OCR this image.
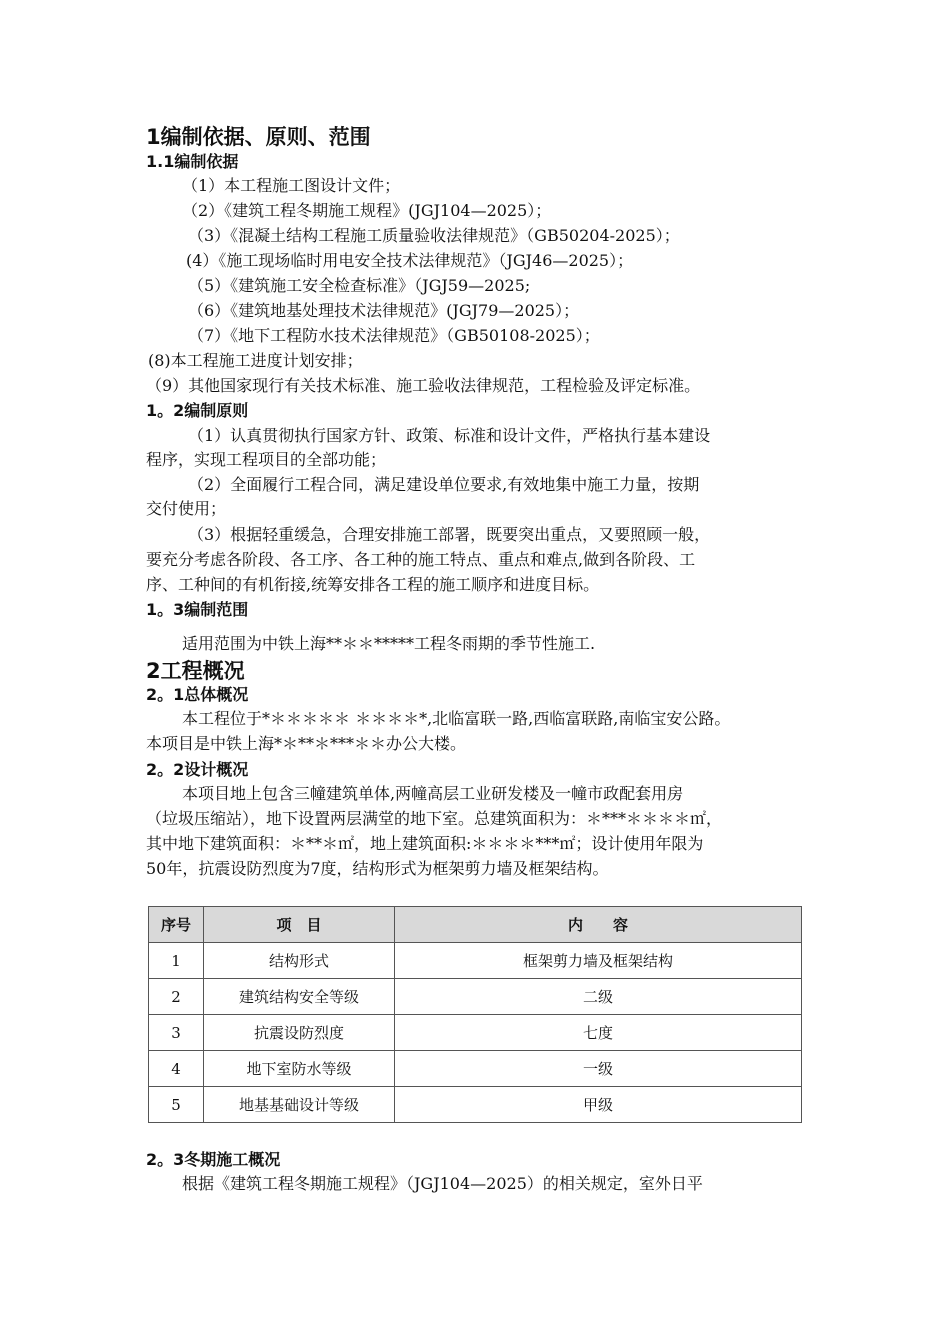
1编制依据、原则、范围
1.1编制依据
（1）本工程施工图设计文件；
（2）《建筑工程冬期施工规程》(JGJ104—2025）；
（3）《混凝土结构工程施工质量验收法律规范》（GB50204-2025）；
(4）《施工现场临时用电安全技术法律规范》（JGJ46—2025）；
（5）《建筑施工安全检查标准》（JGJ59—2025;
（6）《建筑地基处理技术法律规范》(JGJ79—2025）；
（7）《地下工程防水技术法律规范》（GB50108-2025）；
(8)本工程施工进度计划安排；
（9）其他国家现行有关技术标准、施工验收法律规范，工程检验及评定标准。
1。2编制原则
（1）认真贯彻执行国家方针、政策、标准和设计文件，严格执行基本建设
程序，实现工程项目的全部功能；
（2）全面履行工程合同，满足建设单位要求,有效地集中施工力量，按期
交付使用；
（3）根据轻重缓急，合理安排施工部署，既要突出重点，又要照顾一般，
要充分考虑各阶段、各工序、各工种的施工特点、重点和难点,做到各阶段、工
序、工种间的有机衔接,统筹安排各工程的施工顺序和进度目标。
1。3编制范围
适用范围为中铁上海**＊＊*****工程冬雨期的季节性施工.
2工程概况
2。1总体概况
本工程位于*＊＊＊＊＊ ＊＊＊＊*,北临富联一路,西临富联路,南临宝安公路。
本项目是中铁上海*＊**＊***＊＊办公大楼。
2。2设计概况
本项目地上包含三幢建筑单体,两幢高层工业研发楼及一幢市政配套用房
（垃圾压缩站），地下设置两层满堂的地下室。总建筑面积为：＊***＊＊＊＊㎡，
其中地下建筑面积：＊**＊㎡，地上建筑面积:＊＊＊＊***㎡；设计使用年限为
50年，抗震设防烈度为7度，结构形式为框架剪力墙及框架结构。
序号	项　目	内　　容
1	结构形式	框架剪力墙及框架结构
2	建筑结构安全等级	二级
3	抗震设防烈度	七度
4	地下室防水等级	一级
5	地基基础设计等级	甲级
2。3冬期施工概况
根据《建筑工程冬期施工规程》（JGJ104—2025）的相关规定，室外日平
